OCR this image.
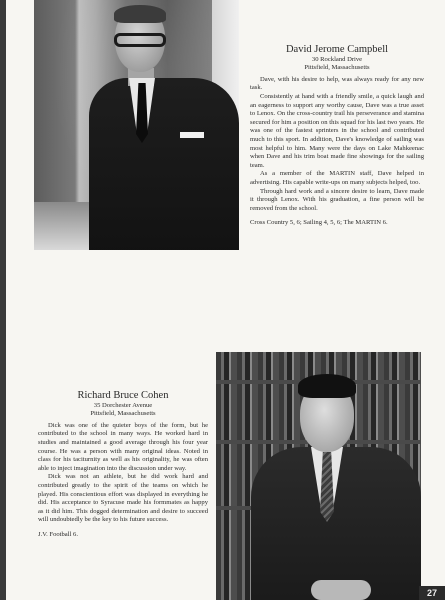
David Jerome Campbell
30 Rockland Drive
Pittsfield, Massachusetts

Dave, with his desire to help, was always ready for any new task.

Consistently at hand with a friendly smile, a quick laugh and an eagerness to support any worthy cause, Dave was a true asset to Lenox. On the cross-country trail his perseverance and stamina secured for him a position on this squad for his last two years. He was one of the fastest sprinters in the school and contributed much to this sport. In addition, Dave's knowledge of sailing was most helpful to him. Many were the days on Lake Mahkeenac when Dave and his trim boat made fine showings for the sailing team.

As a member of the MARTIN staff, Dave helped in advertising. His capable write-ups on many subjects helped, too.

Through hard work and a sincere desire to learn, Dave made it through Lenox. With his graduation, a fine person will be removed from the school.

Cross Country 5, 6; Sailing 4, 5, 6; The MARTIN 6.

Richard Bruce Cohen
35 Dorchester Avenue
Pittsfield, Massachusetts

Dick was one of the quieter boys of the form, but he contributed to the school in many ways. He worked hard in studies and maintained a good average through his four year course. He was a person with many original ideas. Noted in class for his taciturnity as well as his originality, he was often able to inject imagination into the discussion under way.

Dick was not an athlete, but he did work hard and contributed greatly to the spirit of the teams on which he played. His conscientious effort was displayed in everything he did. His acceptance to Syracuse made his formmates as happy as it did him. This dogged determination and desire to succeed will undoubtedly be the key to his future success.

J.V. Football 6.

27
